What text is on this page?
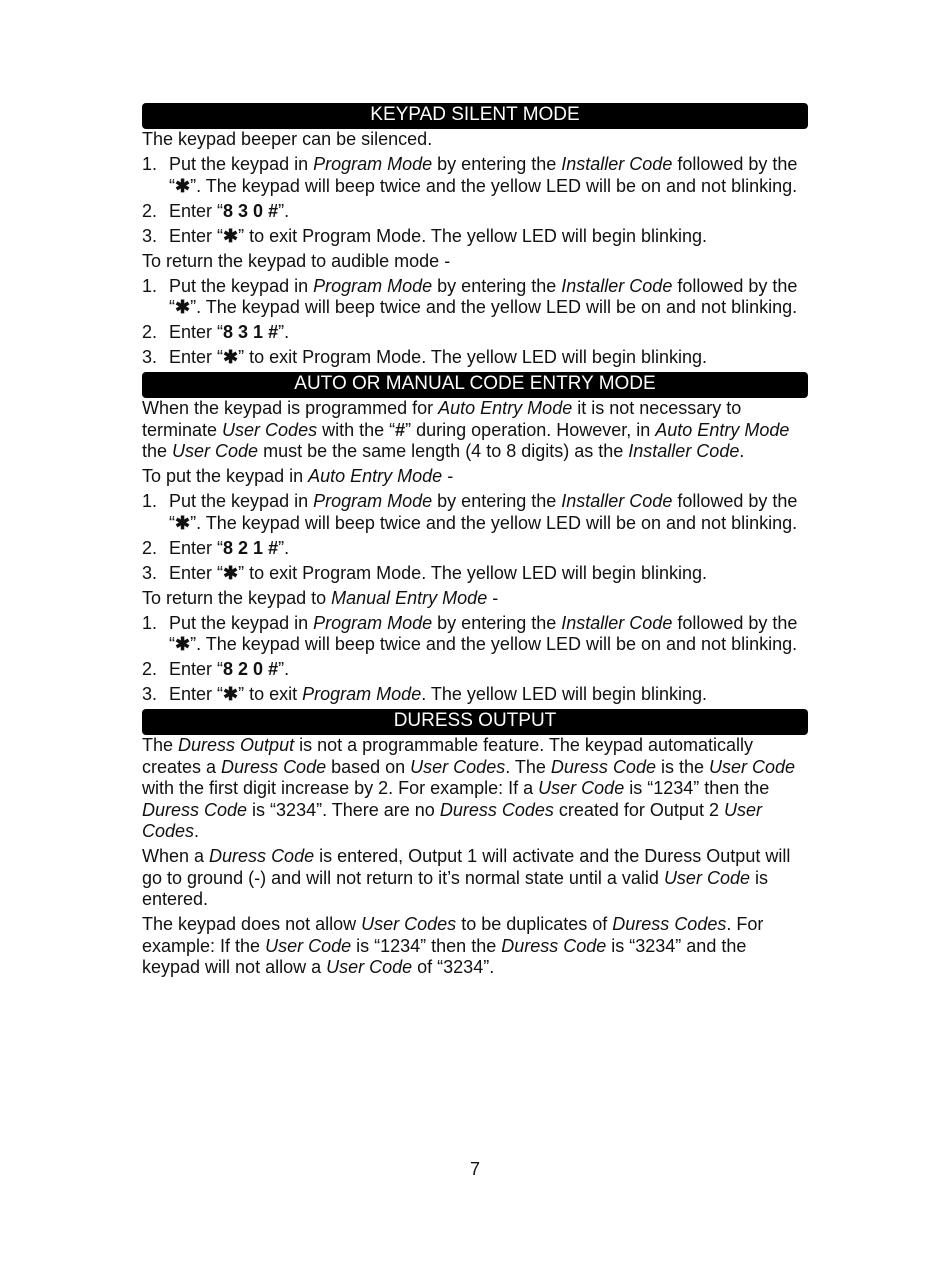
KEYPAD SILENT MODE

The keypad beeper can be silenced.

1. Put the keypad in Program Mode by entering the Installer Code followed by the “✱”. The keypad will beep twice and the yellow LED will be on and not blinking.
2. Enter “8 3 0 #”.
3. Enter “✱” to exit Program Mode. The yellow LED will begin blinking.

To return the keypad to audible mode -

1. Put the keypad in Program Mode by entering the Installer Code followed by the “✱”. The keypad will beep twice and the yellow LED will be on and not blinking.
2. Enter “8 3 1 #”.
3. Enter “✱” to exit Program Mode. The yellow LED will begin blinking.
AUTO OR MANUAL CODE ENTRY MODE

When the keypad is programmed for Auto Entry Mode it is not necessary to terminate User Codes with the “#” during operation. However, in Auto Entry Mode the User Code must be the same length (4 to 8 digits) as the Installer Code.

To put the keypad in Auto Entry Mode -

1. Put the keypad in Program Mode by entering the Installer Code followed by the “✱”. The keypad will beep twice and the yellow LED will be on and not blinking.
2. Enter “8 2 1 #”.
3. Enter “✱” to exit Program Mode. The yellow LED will begin blinking.

To return the keypad to Manual Entry Mode -

1. Put the keypad in Program Mode by entering the Installer Code followed by the “✱”. The keypad will beep twice and the yellow LED will be on and not blinking.
2. Enter “8 2 0 #”.
3. Enter “✱” to exit Program Mode. The yellow LED will begin blinking.
DURESS OUTPUT

The Duress Output is not a programmable feature. The keypad automatically creates a Duress Code based on User Codes. The Duress Code is the User Code with the first digit increase by 2. For example: If a User Code is “1234” then the Duress Code is “3234”. There are no Duress Codes created for Output 2 User Codes.

When a Duress Code is entered, Output 1 will activate and the Duress Output will go to ground (-) and will not return to it’s normal state until a valid User Code is entered.

The keypad does not allow User Codes to be duplicates of Duress Codes. For example: If the User Code is “1234” then the Duress Code is “3234” and the keypad will not allow a User Code of “3234”.

7
